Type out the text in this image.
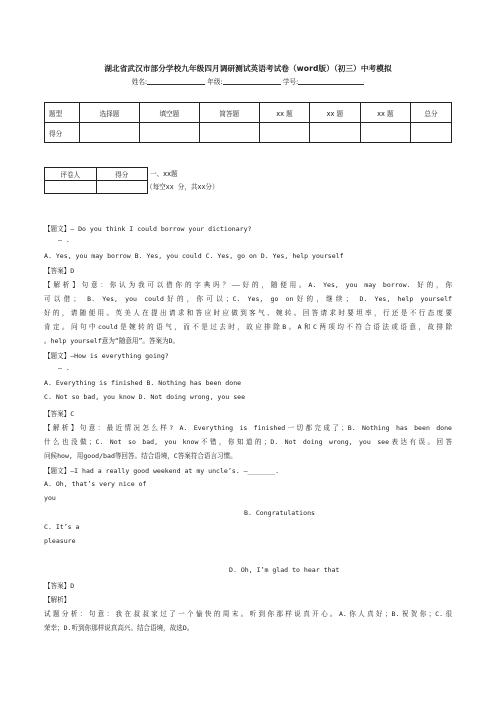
湖北省武汉市部分学校九年级四月调研测试英语考试卷（word版）（初三）中考模拟
姓名:	年级:	学号:
题型	选择题	填空题	简答题	xx 题	xx 题	xx 题	总分
得分							
评卷人	得分
		一、xx题
（每空xx 分，共xx分）
【题文】— Do you think I could borrow your dictionary?
— .
A. Yes, you may borrow B. Yes, you could C. Yes, go on D. Yes, help yourself
【答案】D
【解析】句意：你认为我可以借你的字典吗？——好的，随便用。A. Yes, you may borrow. 好的，你
可以借； B. Yes, you could好的，你可以；C. Yes, go on好的，继续； D. Yes, help yourself
好的，请随便用。英美人在提出请求和答应时应做到客气、婉转。回答请求时要坦率，行还是不行态度要
肯定。问句中could是婉转的语气，而不是过去时，故应排除B。A和C两项均不符合语法或语意，故排除
。help yourself意为“随意用”。答案为D。
【题文】—How is everything going?
— .
A. Everything is finished B. Nothing has been done
C. Not so bad, you know D. Not doing wrong, you see
【答案】C
【解析】句意：最近情况怎么样? A. Everything is finished一切都完成了；B. Nothing has been done
什么也没做；C. Not so bad, you know不错，你知道的；D. Not doing wrong, you see表达有误。回答
问候how, 用good/bad等回答。结合语境，C答案符合语言习惯。
【题文】—I had a really good weekend at my uncle’s. —_______.
A. Oh, that’s very nice of
you
B. Congratulations
C. It’s a
pleasure
D. Oh, I’m glad to hear that
【答案】D
【解析】
试题分析：句意：我在叔叔家过了一个愉快的周末。听到你那样说真开心。A.你人真好；B.祝贺你；C.很
荣幸；D.听到你那样说真高兴。结合语境，故选D。
